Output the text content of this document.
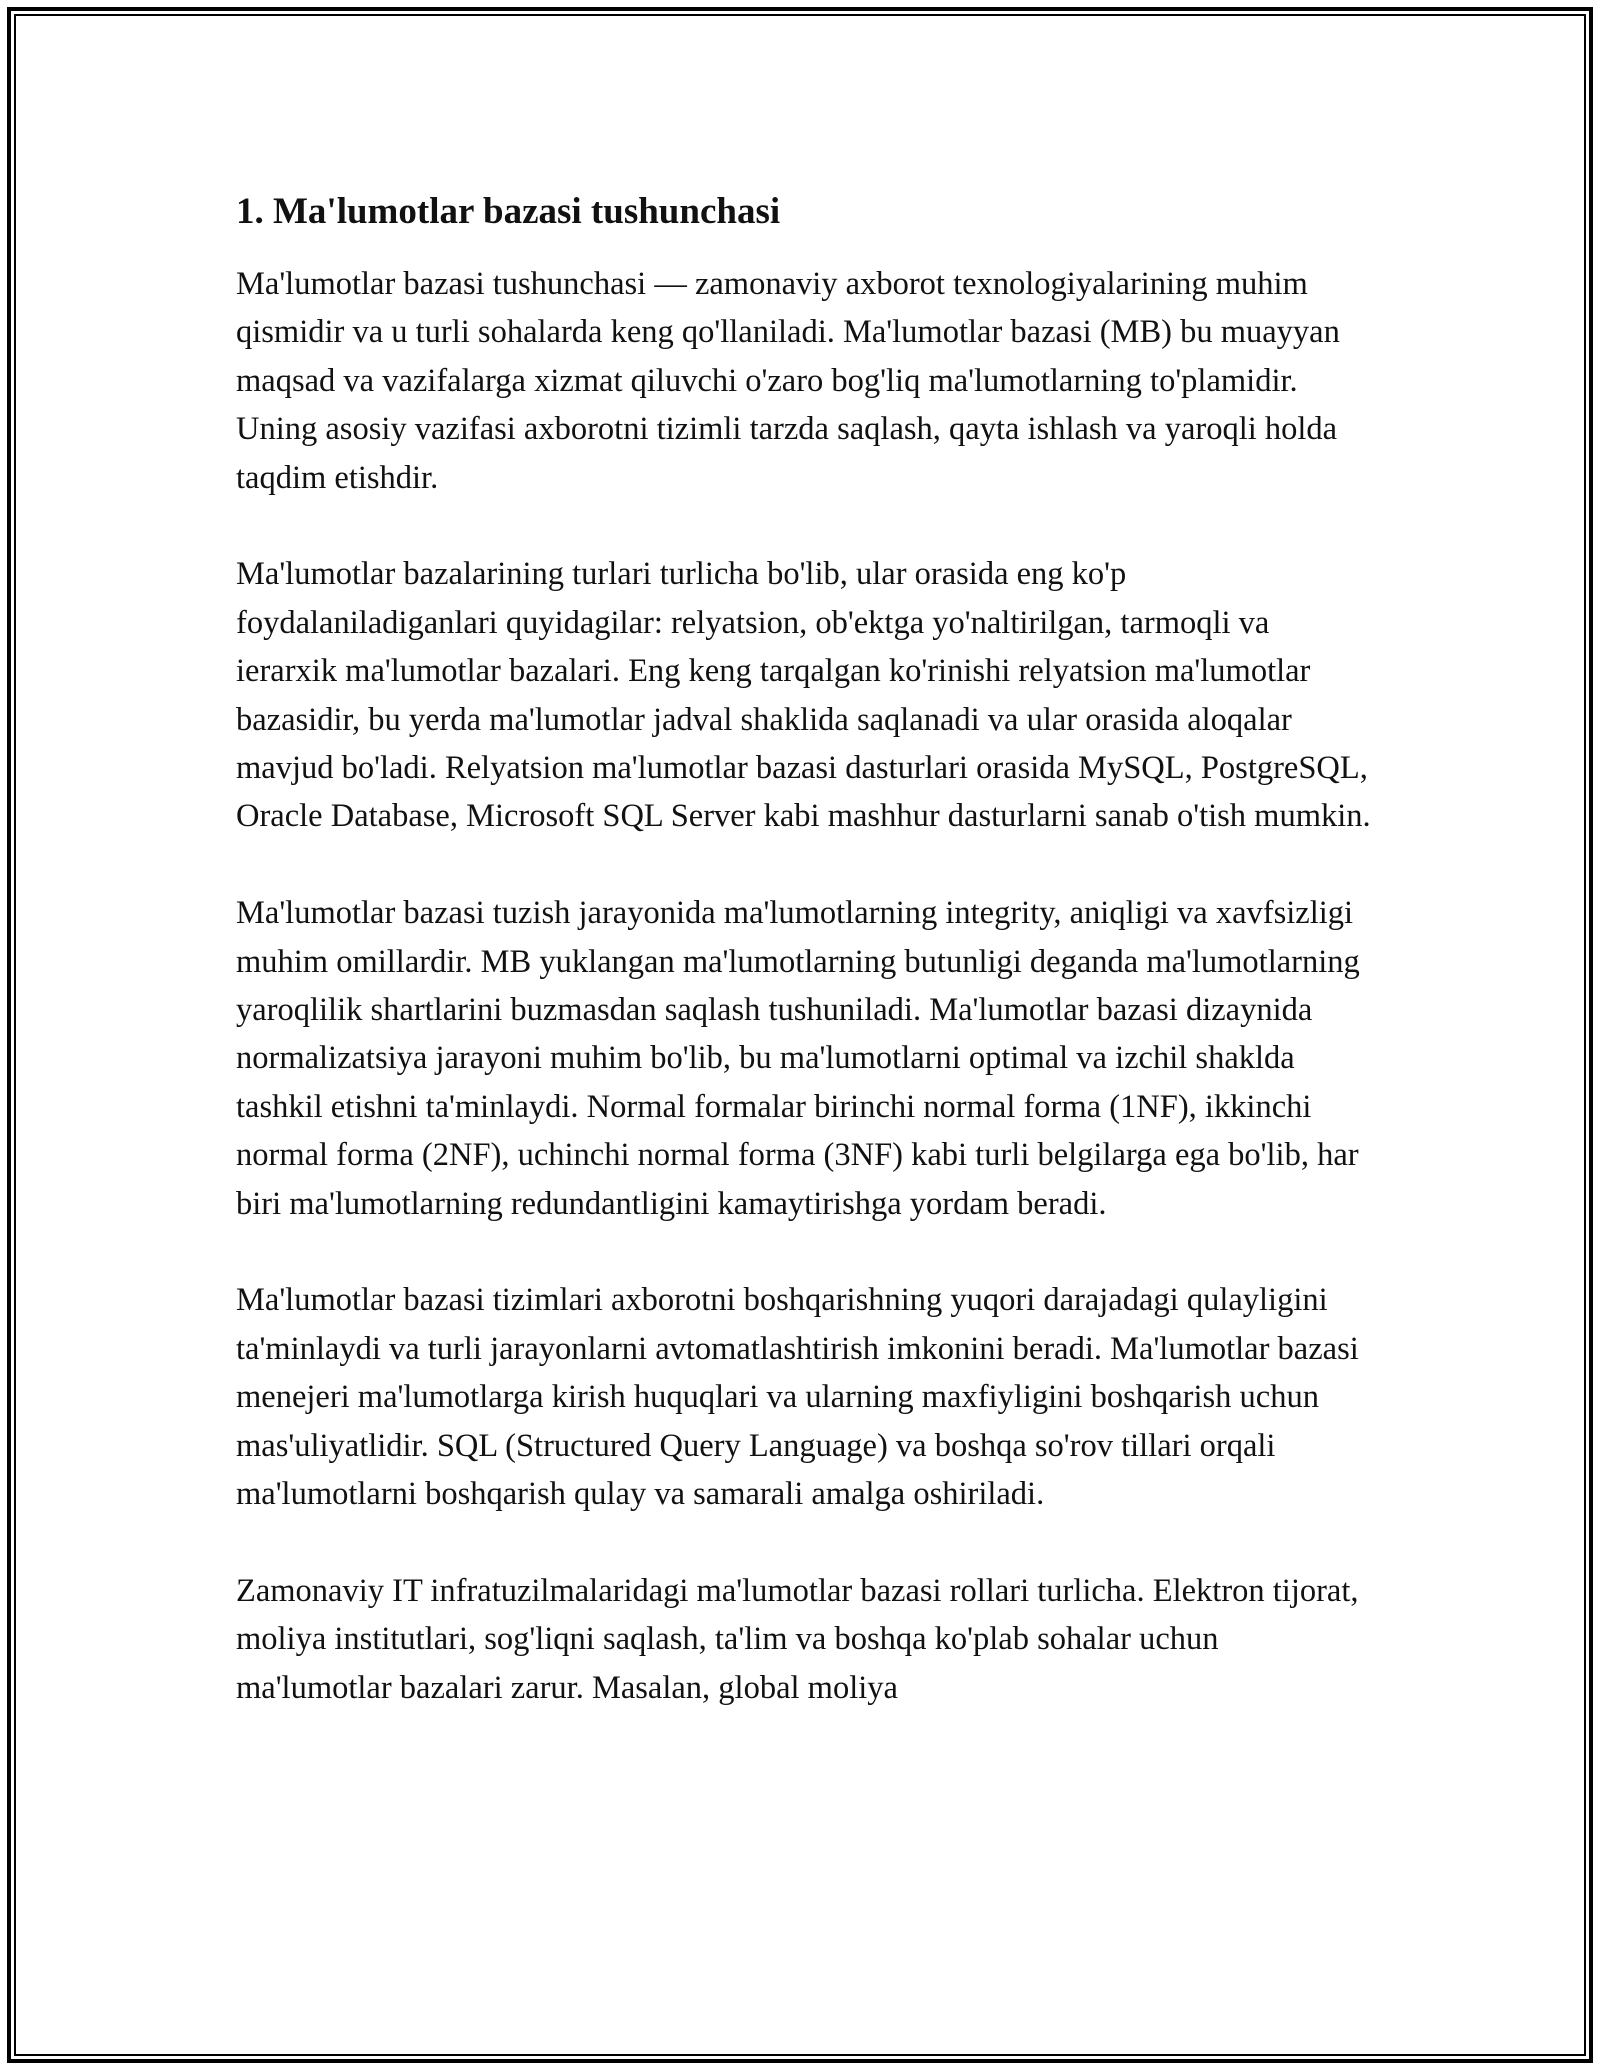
1. Ma'lumotlar bazasi tushunchasi

Ma'lumotlar bazasi tushunchasi — zamonaviy axborot texnologiyalarining muhim qismidir va u turli sohalarda keng qo'llaniladi. Ma'lumotlar bazasi (MB) bu muayyan maqsad va vazifalarga xizmat qiluvchi o'zaro bog'liq ma'lumotlarning to'plamidir. Uning asosiy vazifasi axborotni tizimli tarzda saqlash, qayta ishlash va yaroqli holda taqdim etishdir.

Ma'lumotlar bazalarining turlari turlicha bo'lib, ular orasida eng ko'p foydalaniladiganlari quyidagilar: relyatsion, ob'ektga yo'naltirilgan, tarmoqli va ierarxik ma'lumotlar bazalari. Eng keng tarqalgan ko'rinishi relyatsion ma'lumotlar bazasidir, bu yerda ma'lumotlar jadval shaklida saqlanadi va ular orasida aloqalar mavjud bo'ladi. Relyatsion ma'lumotlar bazasi dasturlari orasida MySQL, PostgreSQL, Oracle Database, Microsoft SQL Server kabi mashhur dasturlarni sanab o'tish mumkin.

Ma'lumotlar bazasi tuzish jarayonida ma'lumotlarning integrity, aniqligi va xavfsizligi muhim omillardir. MB yuklangan ma'lumotlarning butunligi deganda ma'lumotlarning yaroqlilik shartlarini buzmasdan saqlash tushuniladi. Ma'lumotlar bazasi dizaynida normalizatsiya jarayoni muhim bo'lib, bu ma'lumotlarni optimal va izchil shakldа tashkil etishni ta'minlaydi. Normal formalar birinchi normal forma (1NF), ikkinchi normal forma (2NF), uchinchi normal forma (3NF) kabi turli belgilarga ega bo'lib, har biri ma'lumotlarning redundantligini kamaytirishga yordam beradi.

Ma'lumotlar bazasi tizimlari axborotni boshqarishning yuqori darajadagi qulayligini ta'minlaydi va turli jarayonlarni avtomatlashtirish imkonini beradi. Ma'lumotlar bazasi menejeri ma'lumotlarga kirish huquqlari va ularning maxfiyligini boshqarish uchun mas'uliyatlidir. SQL (Structured Query Language) va boshqa so'rov tillari orqali ma'lumotlarni boshqarish qulay va samarali amalga oshiriladi.

Zamonaviy IT infratuzilmalaridagi ma'lumotlar bazasi rollari turlicha. Elektron tijorat, moliya institutlari, sog'liqni saqlash, ta'lim va boshqa ko'plab sohalar uchun ma'lumotlar bazalari zarur. Masalan, global moliya
